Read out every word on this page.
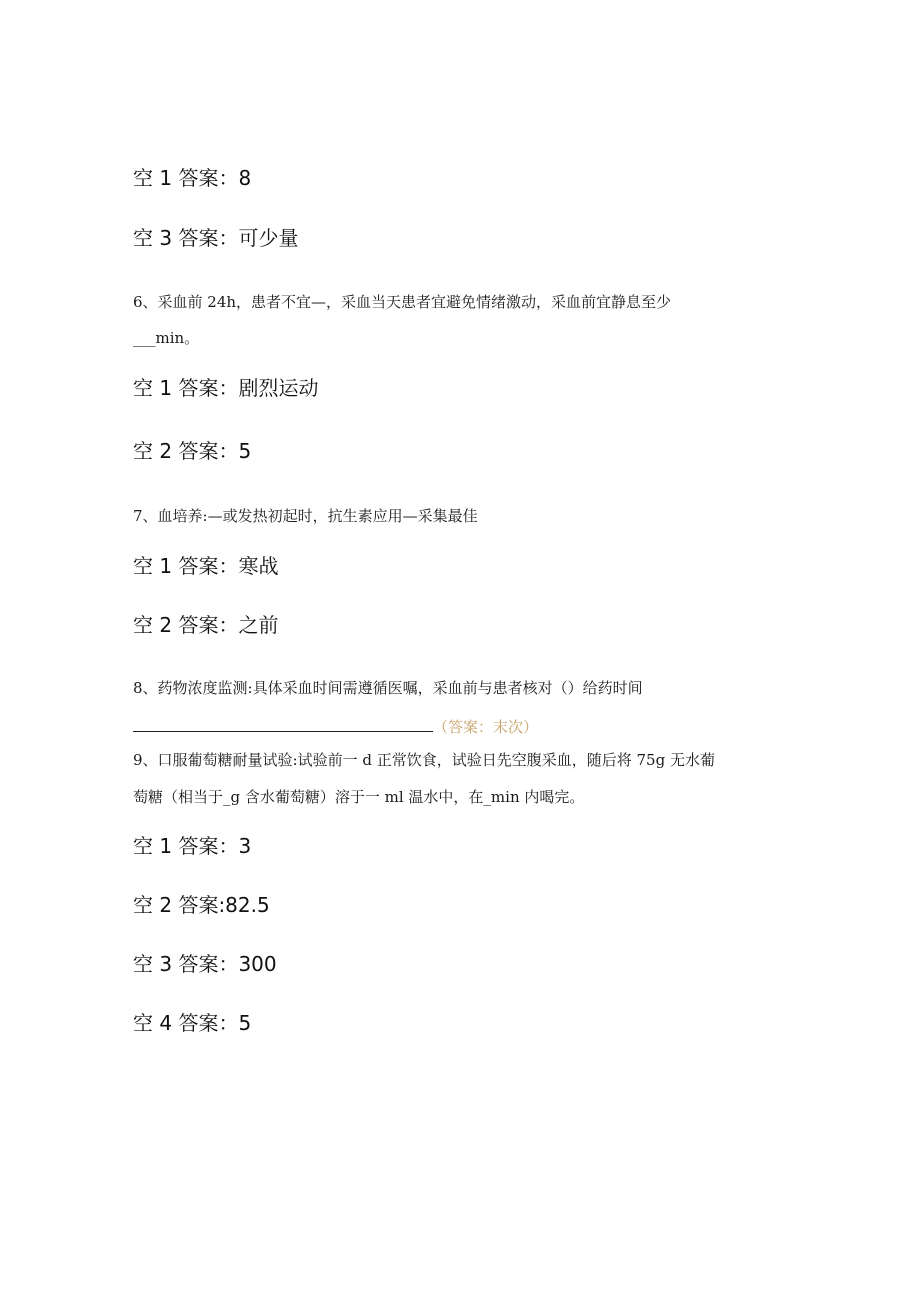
空 1 答案：8
空 3 答案：可少量
6、采血前 24h，患者不宜—，采血当天患者宜避免情绪激动，采血前宜静息至少
___min。
空 1 答案：剧烈运动
空 2 答案：5
7、血培养:—或发热初起时，抗生素应用—采集最佳
空 1 答案：寒战
空 2 答案：之前
8、药物浓度监测:具体采血时间需遵循医嘱，采血前与患者核对（）给药时间
（答案：末次）
9、口服葡萄糖耐量试验:试验前一 d 正常饮食，试验日先空腹采血，随后将 75g 无水葡
萄糖（相当于_g 含水葡萄糖）溶于一 ml 温水中，在_min 内喝完。
空 1 答案：3
空 2 答案:82.5
空 3 答案：300
空 4 答案：5
